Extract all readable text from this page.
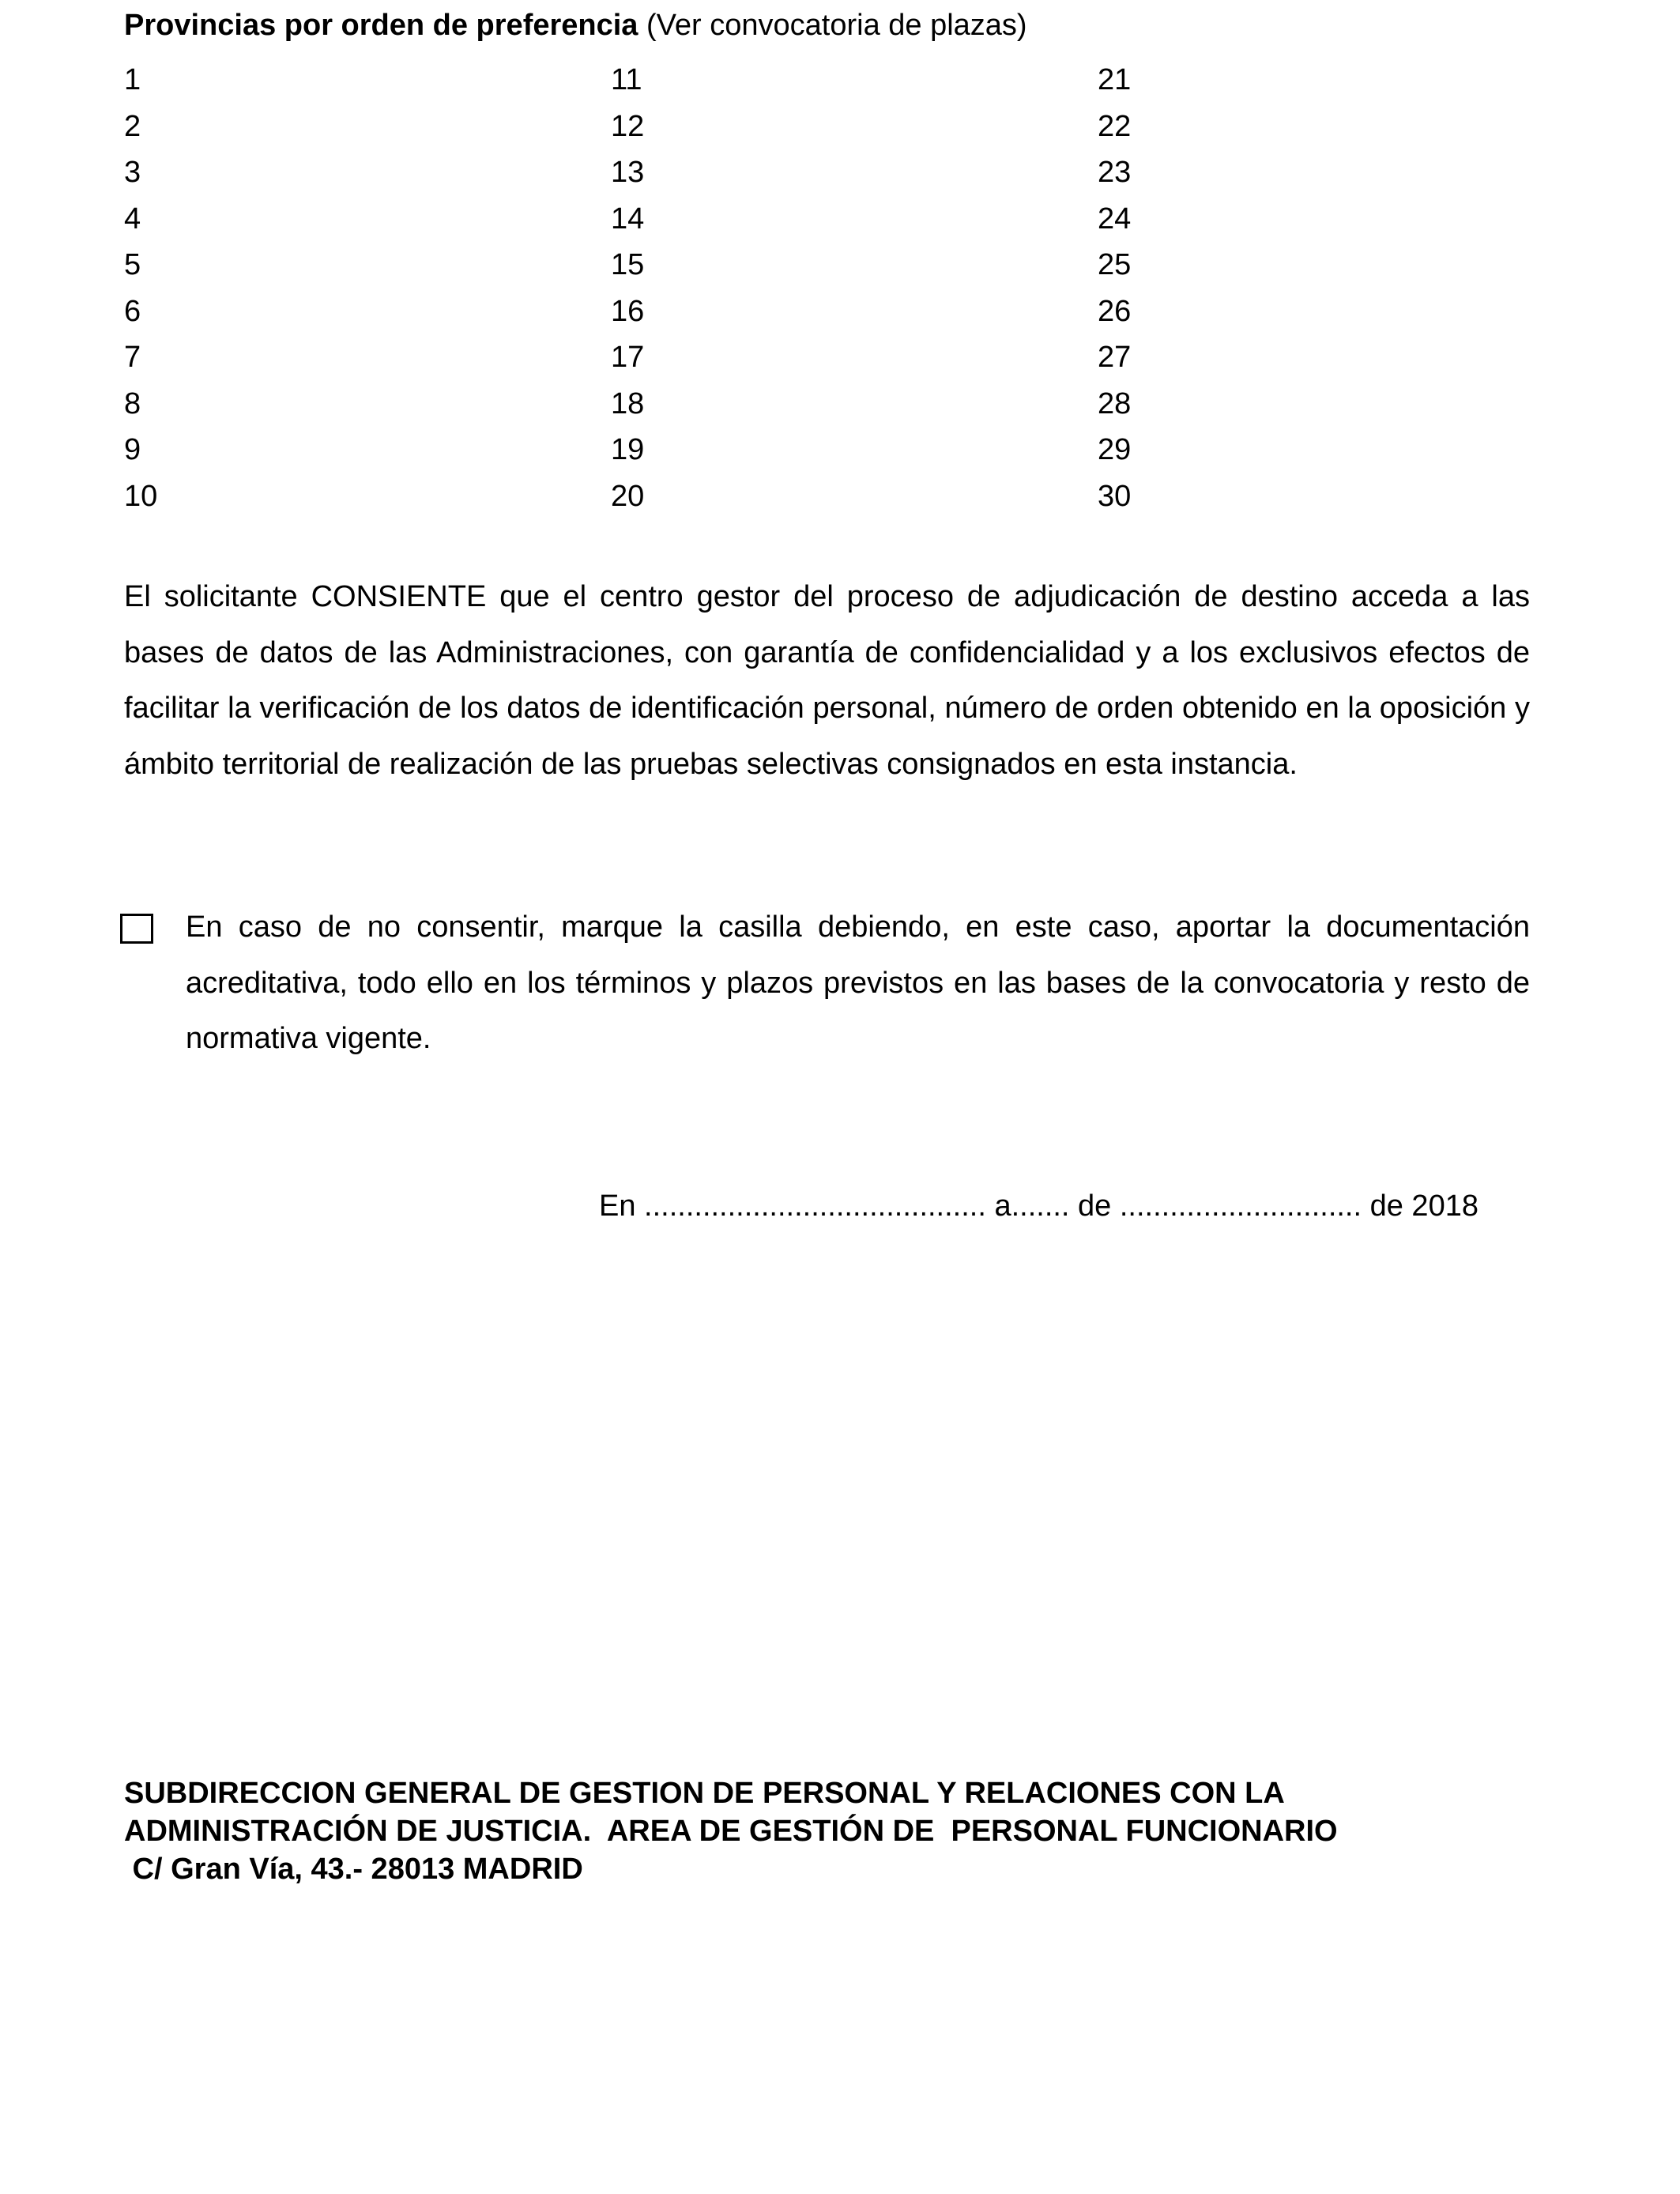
Provincias por orden de preferencia (Ver convocatoria de plazas)
1
2
3
4
5
6
7
8
9
10
11
12
13
14
15
16
17
18
19
20
21
22
23
24
25
26
27
28
29
30

El solicitante CONSIENTE que el centro gestor del proceso de adjudicación de destino acceda a las bases de datos de las Administraciones, con garantía de confidencialidad y a los exclusivos efectos de facilitar la verificación de los datos de identificación personal, número de orden obtenido en la oposición y ámbito territorial de realización de las pruebas selectivas consignados en esta instancia.

En caso de no consentir, marque la casilla debiendo, en este caso, aportar la documentación acreditativa, todo ello en los términos y plazos previstos en las bases de la convocatoria y resto de normativa vigente.

En ......................................... a....... de ............................. de 2018
SUBDIRECCION GENERAL DE GESTION DE PERSONAL Y RELACIONES CON LA
ADMINISTRACIÓN DE JUSTICIA.  AREA DE GESTIÓN DE  PERSONAL FUNCIONARIO
C/ Gran Vía, 43.- 28013 MADRID
